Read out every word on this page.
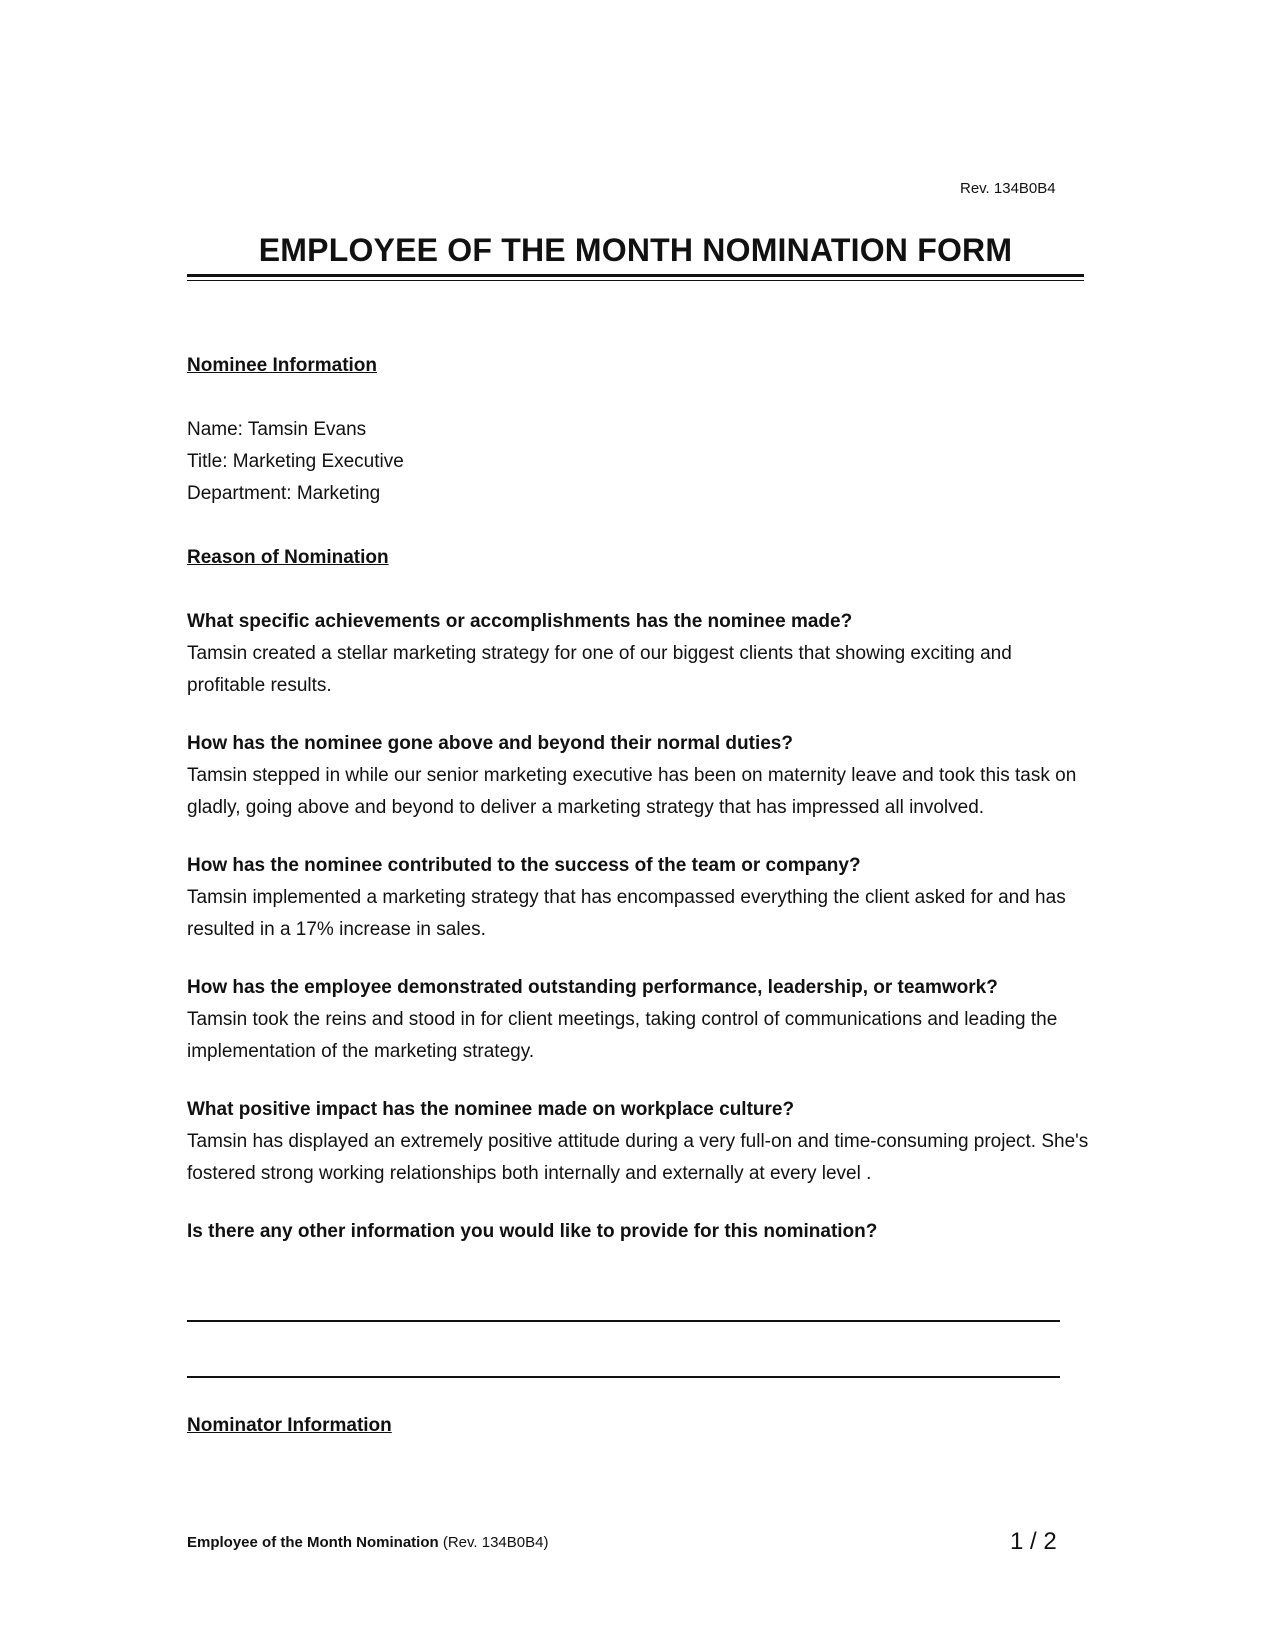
Rev. 134B0B4
EMPLOYEE OF THE MONTH NOMINATION FORM

Nominee Information

Name: Tamsin Evans

Title: Marketing Executive

Department: Marketing

Reason of Nomination

What specific achievements or accomplishments has the nominee made?

Tamsin created a stellar marketing strategy for one of our biggest clients that showing exciting and profitable results.

How has the nominee gone above and beyond their normal duties?

Tamsin stepped in while our senior marketing executive has been on maternity leave and took this task on gladly, going above and beyond to deliver a marketing strategy that has impressed all involved.

How has the nominee contributed to the success of the team or company?

Tamsin implemented a marketing strategy that has encompassed everything the client asked for and has resulted in a 17% increase in sales.

How has the employee demonstrated outstanding performance, leadership, or teamwork?

Tamsin took the reins and stood in for client meetings, taking control of communications and leading the implementation of the marketing strategy.

What positive impact has the nominee made on workplace culture?

Tamsin has displayed an extremely positive attitude during a very full-on and time-consuming project. She's fostered strong working relationships both internally and externally at every level .

Is there any other information you would like to provide for this nomination?

Nominator Information

Employee of the Month Nomination (Rev. 134B0B4)	1 / 2
